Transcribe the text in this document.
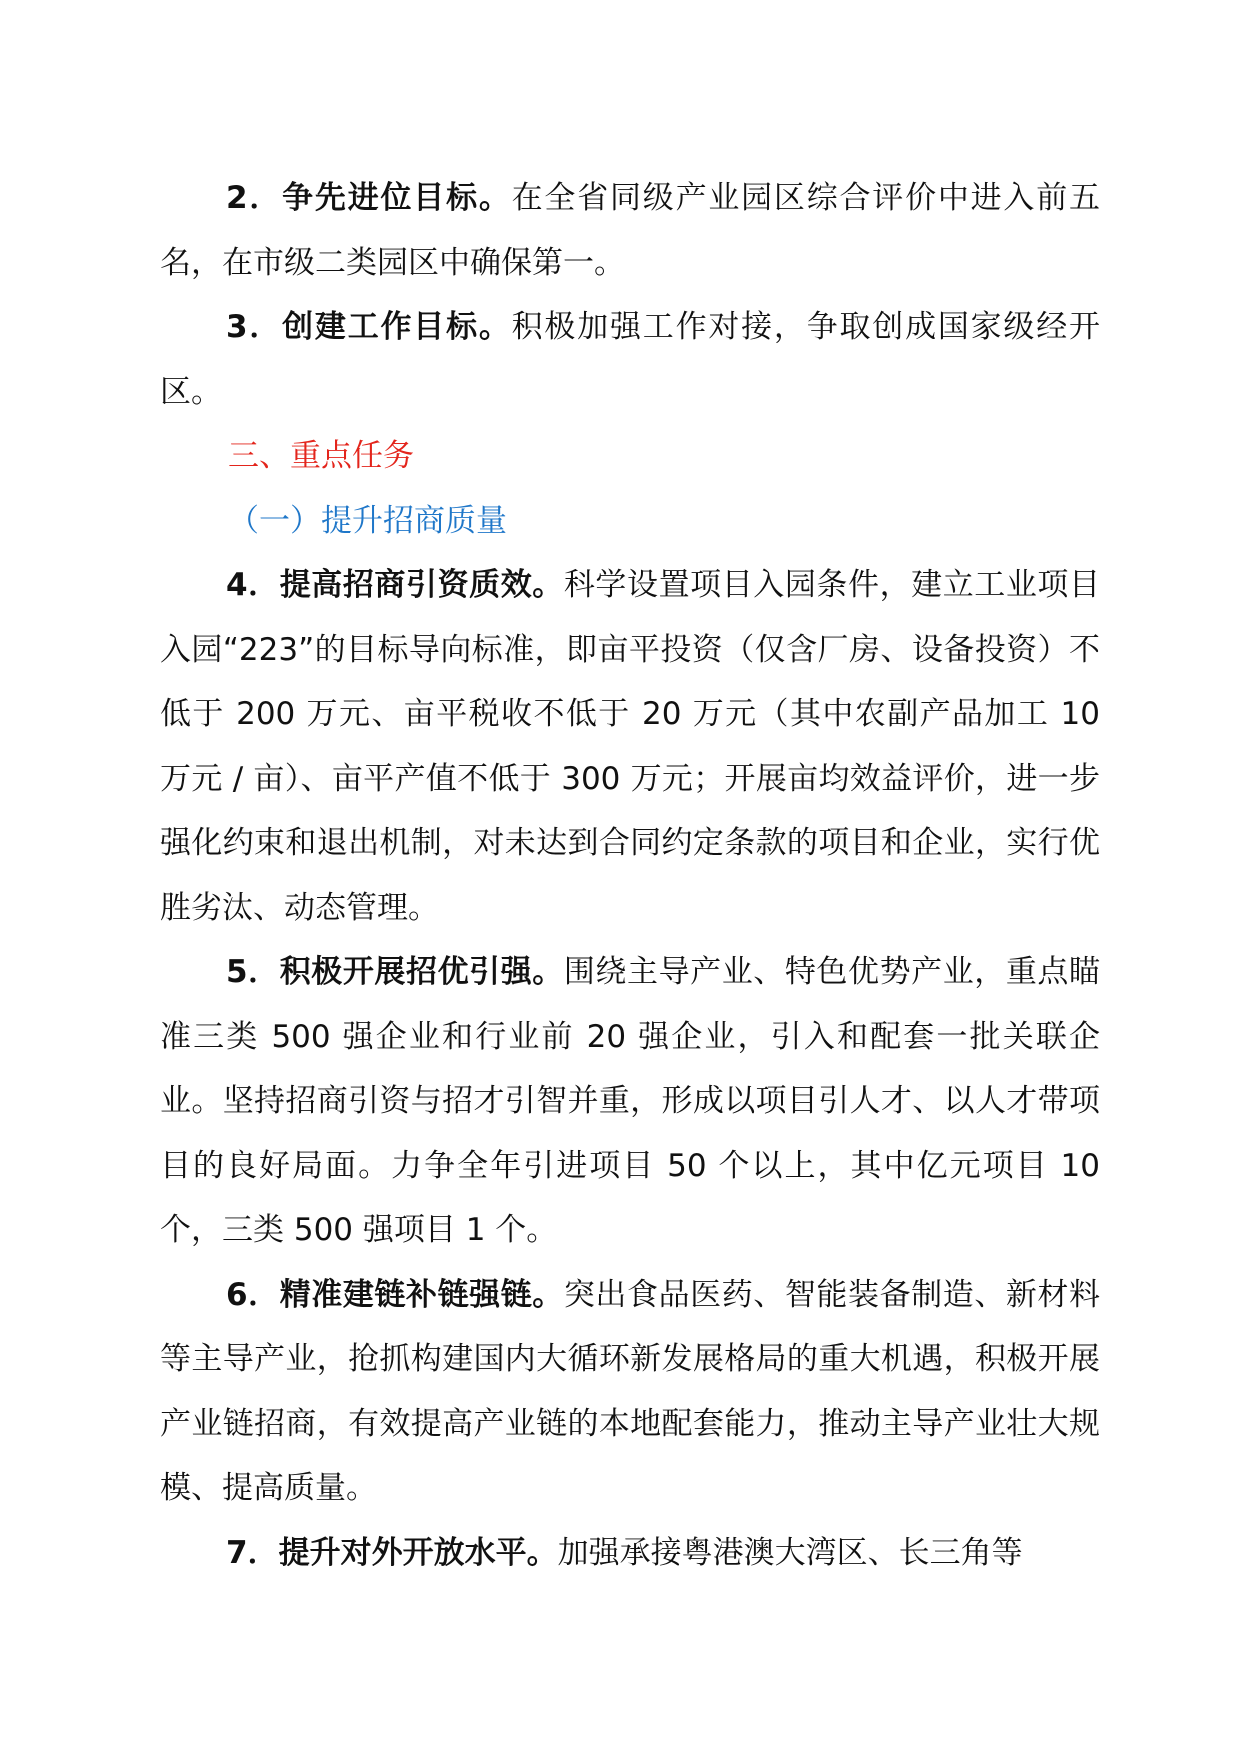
2．争先进位目标。在全省同级产业园区综合评价中进入前五名，在市级二类园区中确保第一。

3．创建工作目标。积极加强工作对接，争取创成国家级经开区。

三、重点任务

（一）提升招商质量

4．提高招商引资质效。科学设置项目入园条件，建立工业项目入园“223”的目标导向标准，即亩平投资（仅含厂房、设备投资）不低于 200 万元、亩平税收不低于 20 万元（其中农副产品加工 10 万元 / 亩）、亩平产值不低于 300 万元；开展亩均效益评价，进一步强化约束和退出机制，对未达到合同约定条款的项目和企业，实行优胜劣汰、动态管理。

5．积极开展招优引强。围绕主导产业、特色优势产业，重点瞄准三类 500 强企业和行业前 20 强企业，引入和配套一批关联企业。坚持招商引资与招才引智并重，形成以项目引人才、以人才带项目的良好局面。力争全年引进项目 50 个以上，其中亿元项目 10 个，三类 500 强项目 1 个。

6．精准建链补链强链。突出食品医药、智能装备制造、新材料等主导产业，抢抓构建国内大循环新发展格局的重大机遇，积极开展产业链招商，有效提高产业链的本地配套能力，推动主导产业壮大规模、提高质量。

7．提升对外开放水平。加强承接粤港澳大湾区、长三角等
